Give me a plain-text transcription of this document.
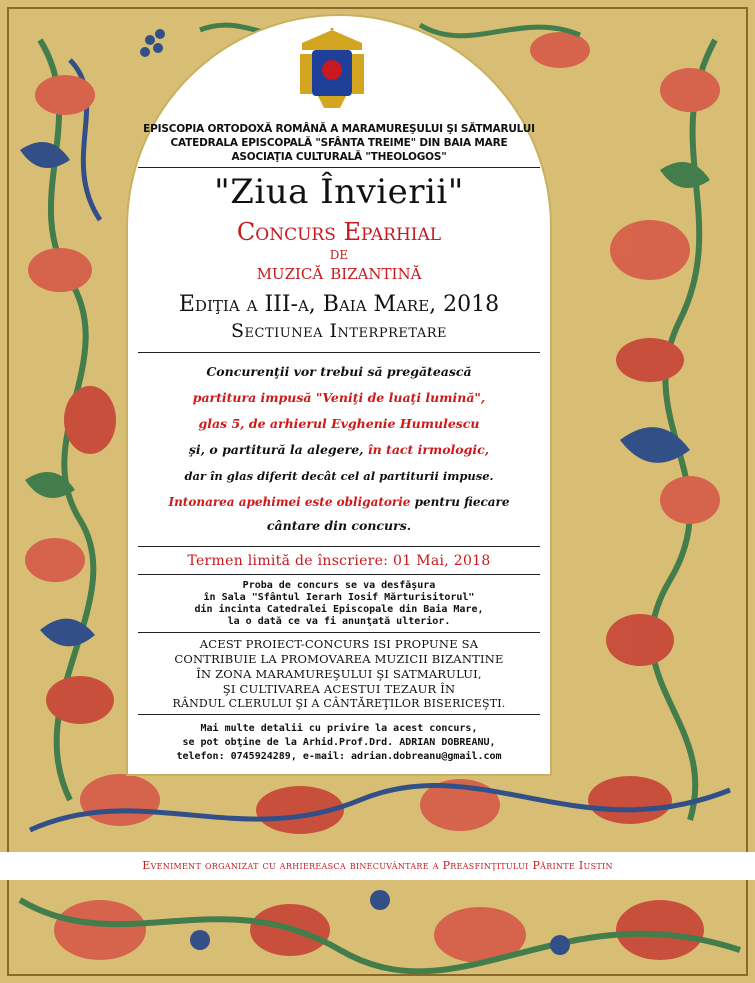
EPISCOPIA ORTODOXĂ ROMÂNĂ A MARAMUREŞULUI ŞI SĂTMARULUI
CATEDRALA EPISCOPALĂ "SFÂNTA TREIME" DIN BAIA MARE
ASOCIAŢIA CULTURALĂ "THEOLOGOS"
"Ziua Învierii"
Concurs Eparhial
de
muzică bizantină
Ediţia a III-a, Baia Mare, 2018
Sectiunea Interpretare
Concurenţii vor trebui să pregătească
partitura impusă "Veniţi de luaţi lumină",
glas 5, de arhierul Evghenie Humulescu
şi, o partitură la alegere, în tact irmologic,
dar în glas diferit decât cel al partiturii impuse.
Intonarea apehimei este obligatorie pentru fiecare
cântare din concurs.
Termen limită de înscriere: 01 Mai, 2018
Proba de concurs se va desfăşura
în Sala "Sfântul Ierarh Iosif Mărturisitorul"
din incinta Catedralei Episcopale din Baia Mare,
la o dată ce va fi anunţată ulterior.
ACEST PROIECT-CONCURS ISI PROPUNE SA
CONTRIBUIE LA PROMOVAREA MUZICII BIZANTINE
ÎN ZONA MARAMUREŞULUI ŞI SATMARULUI,
ŞI CULTIVAREA ACESTUI TEZAUR ÎN
RÂNDUL CLERULUI ŞI A CÂNTĂREŢILOR BISERICEŞTI.
Mai multe detalii cu privire la acest concurs,
se pot obţine de la Arhid.Prof.Drd. ADRIAN DOBREANU,
telefon: 0745924289, e-mail: adrian.dobreanu@gmail.com
Eveniment organizat cu arhiereasca binecuvântare a Preasfinţitului Părinte Iustin
